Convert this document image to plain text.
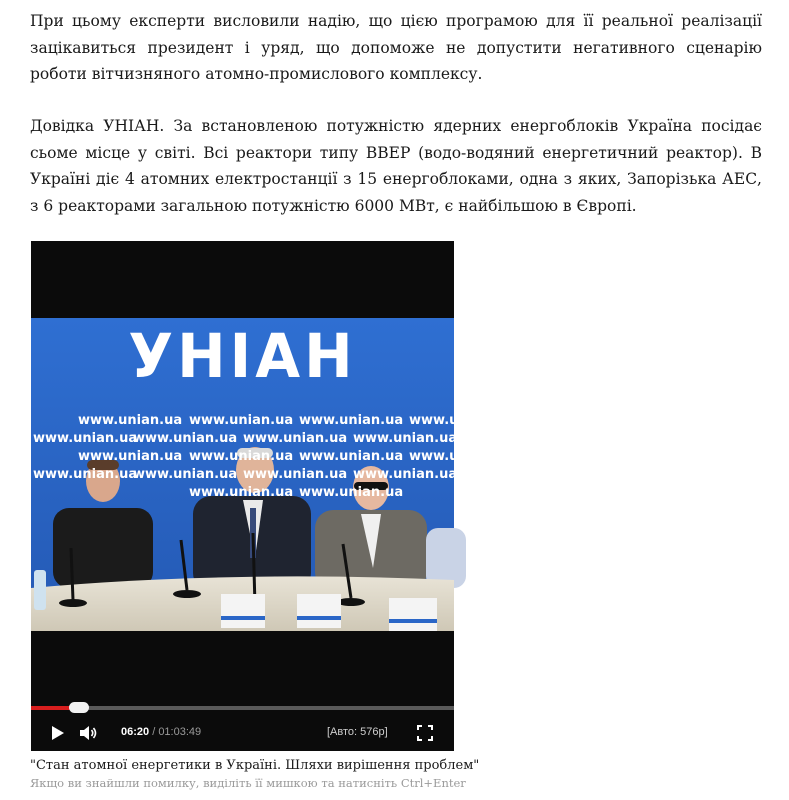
При цьому експерти висловили надію, що цією програмою для її реальної реалізації зацікавиться президент і уряд, що допоможе не допустити негативного сценарію роботи вітчизняного атомно-промислового комплексу.

Довідка УНІАН. За встановленою потужністю ядерних енергоблоків Україна посідає сьоме місце у світі. Всі реактори типу ВВЕР (водо-водяний енергетичний реактор). В Україні діє 4 атомних електростанції з 15 енергоблоками, одна з яких, Запорізька АЕС, з 6 реакторами загальною потужністю 6000 МВт, є найбільшою в Європі.

УНІАН
www.unian.ua www.unian.ua www.unian.ua www.unian.ua
www.unian.ua
www.unian.ua www.unian.ua www.unian.ua
www.unian.ua www.unian.ua www.unian.ua www.unian.ua
www.unian.ua
www.unian.ua www.unian.ua www.unian.ua
www.unian.ua www.unian.ua
06:20 / 01:03:49	[Авто: 576p]
"Стан атомної енергетики в Україні. Шляхи вирішення проблем"
Якщо ви знайшли помилку, виділіть її мишкою та натисніть Ctrl+Enter
